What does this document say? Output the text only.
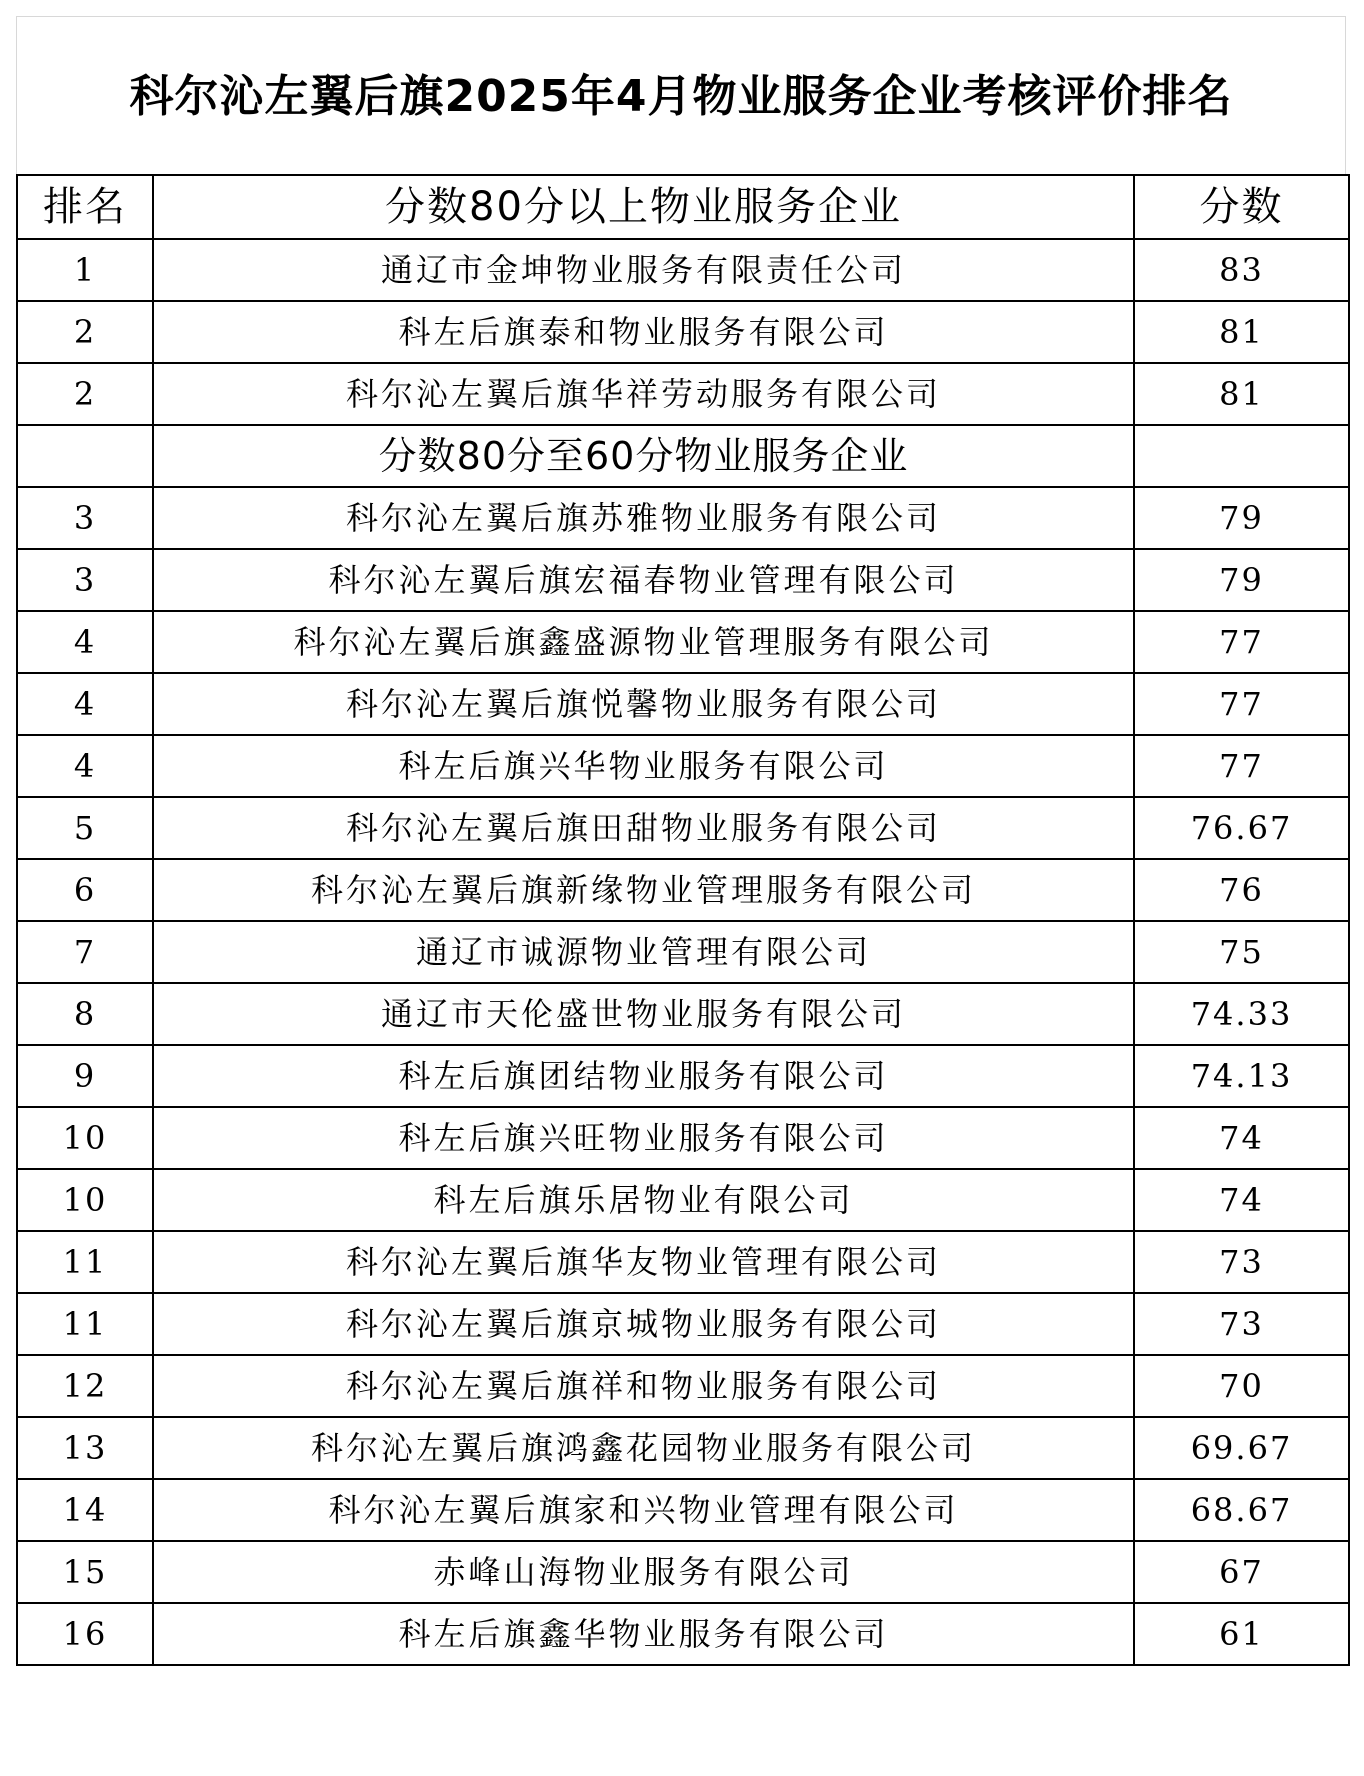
科尔沁左翼后旗2025年4月物业服务企业考核评价排名
排名	分数80分以上物业服务企业	分数
1	通辽市金坤物业服务有限责任公司	83
2	科左后旗泰和物业服务有限公司	81
2	科尔沁左翼后旗华祥劳动服务有限公司	81
	分数80分至60分物业服务企业	
3	科尔沁左翼后旗苏雅物业服务有限公司	79
3	科尔沁左翼后旗宏福春物业管理有限公司	79
4	科尔沁左翼后旗鑫盛源物业管理服务有限公司	77
4	科尔沁左翼后旗悦馨物业服务有限公司	77
4	科左后旗兴华物业服务有限公司	77
5	科尔沁左翼后旗田甜物业服务有限公司	76.67
6	科尔沁左翼后旗新缘物业管理服务有限公司	76
7	通辽市诚源物业管理有限公司	75
8	通辽市天伦盛世物业服务有限公司	74.33
9	科左后旗团结物业服务有限公司	74.13
10	科左后旗兴旺物业服务有限公司	74
10	科左后旗乐居物业有限公司	74
11	科尔沁左翼后旗华友物业管理有限公司	73
11	科尔沁左翼后旗京城物业服务有限公司	73
12	科尔沁左翼后旗祥和物业服务有限公司	70
13	科尔沁左翼后旗鸿鑫花园物业服务有限公司	69.67
14	科尔沁左翼后旗家和兴物业管理有限公司	68.67
15	赤峰山海物业服务有限公司	67
16	科左后旗鑫华物业服务有限公司	61
